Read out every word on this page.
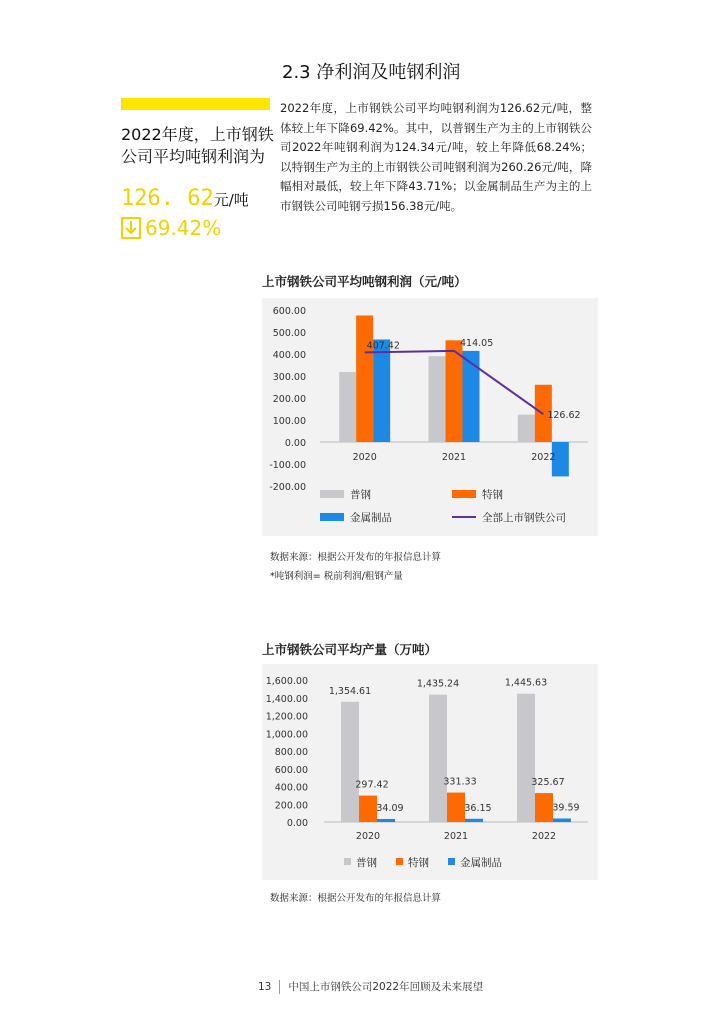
2.3 净利润及吨钢利润
2022年度，上市钢铁公司平均吨钢利润为
126. 62元/吨
69.42%
2022年度，上市钢铁公司平均吨钢利润为126.62元/吨，整体较上年下降69.42%。其中，以普钢生产为主的上市钢铁公司2022年吨钢利润为124.34元/吨，较上年降低68.24%；以特钢生产为主的上市钢铁公司吨钢利润为260.26元/吨，降幅相对最低，较上年下降43.71%；以金属制品生产为主的上市钢铁公司吨钢亏损156.38元/吨。
上市钢铁公司平均吨钢利润（元/吨）
600.00
500.00
400.00
300.00
200.00
100.00
0.00
-100.00
-200.00
2020	2021	2022
407.42	414.05
126.62
普钢	特钢
金属制品	全部上市钢铁公司
数据来源：根据公开发布的年报信息计算
*吨钢利润= 税前利润/粗钢产量
上市钢铁公司平均产量（万吨）
1,600.00
1,400.00
1,200.00
1,000.00
800.00
600.00
400.00
200.00
0.00
1,354.61
297.42
34.09
2020
1,435.24
331.33
36.15
2021
1,445.63
325.67
39.59
2022
普钢	特钢	金属制品
数据来源：根据公开发布的年报信息计算
13 中国上市钢铁公司2022年回顾及未来展望
